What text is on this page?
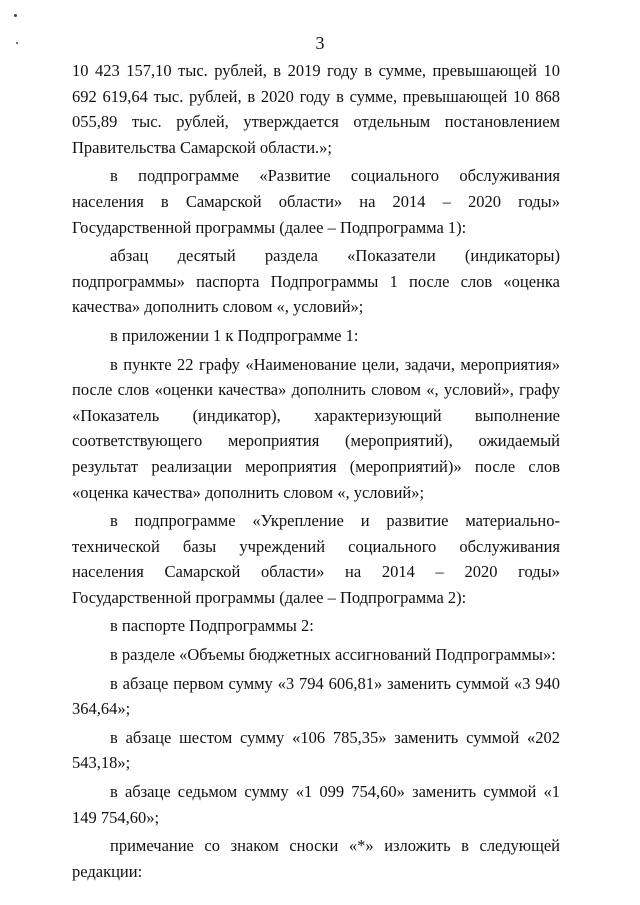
3

10 423 157,10 тыс. рублей, в 2019 году в сумме, превышающей 10 692 619,64 тыс. рублей, в 2020 году в сумме, превышающей 10 868 055,89 тыс. рублей, утверждается отдельным постановлением Правительства Самарской области.»;

в подпрограмме «Развитие социального обслуживания населения в Самарской области» на 2014 – 2020 годы» Государственной программы (далее – Подпрограмма 1):

абзац десятый раздела «Показатели (индикаторы) подпрограммы» паспорта Подпрограммы 1 после слов «оценка качества» дополнить словом «, условий»;

в приложении 1 к Подпрограмме 1:

в пункте 22 графу «Наименование цели, задачи, мероприятия» после слов «оценки качества» дополнить словом «, условий», графу «Показатель (индикатор), характеризующий выполнение соответствующего мероприятия (мероприятий), ожидаемый результат реализации мероприятия (мероприятий)» после слов «оценка качества» дополнить словом «, условий»;

в подпрограмме «Укрепление и развитие материально-технической базы учреждений социального обслуживания населения Самарской области» на 2014 – 2020 годы» Государственной программы (далее – Подпрограмма 2):

в паспорте Подпрограммы 2:

в разделе «Объемы бюджетных ассигнований Подпрограммы»:

в абзаце первом сумму «3 794 606,81» заменить суммой «3 940 364,64»;

в абзаце шестом сумму «106 785,35» заменить суммой «202 543,18»;

в абзаце седьмом сумму «1 099 754,60» заменить суммой «1 149 754,60»;

примечание со знаком сноски «*» изложить в следующей редакции:
